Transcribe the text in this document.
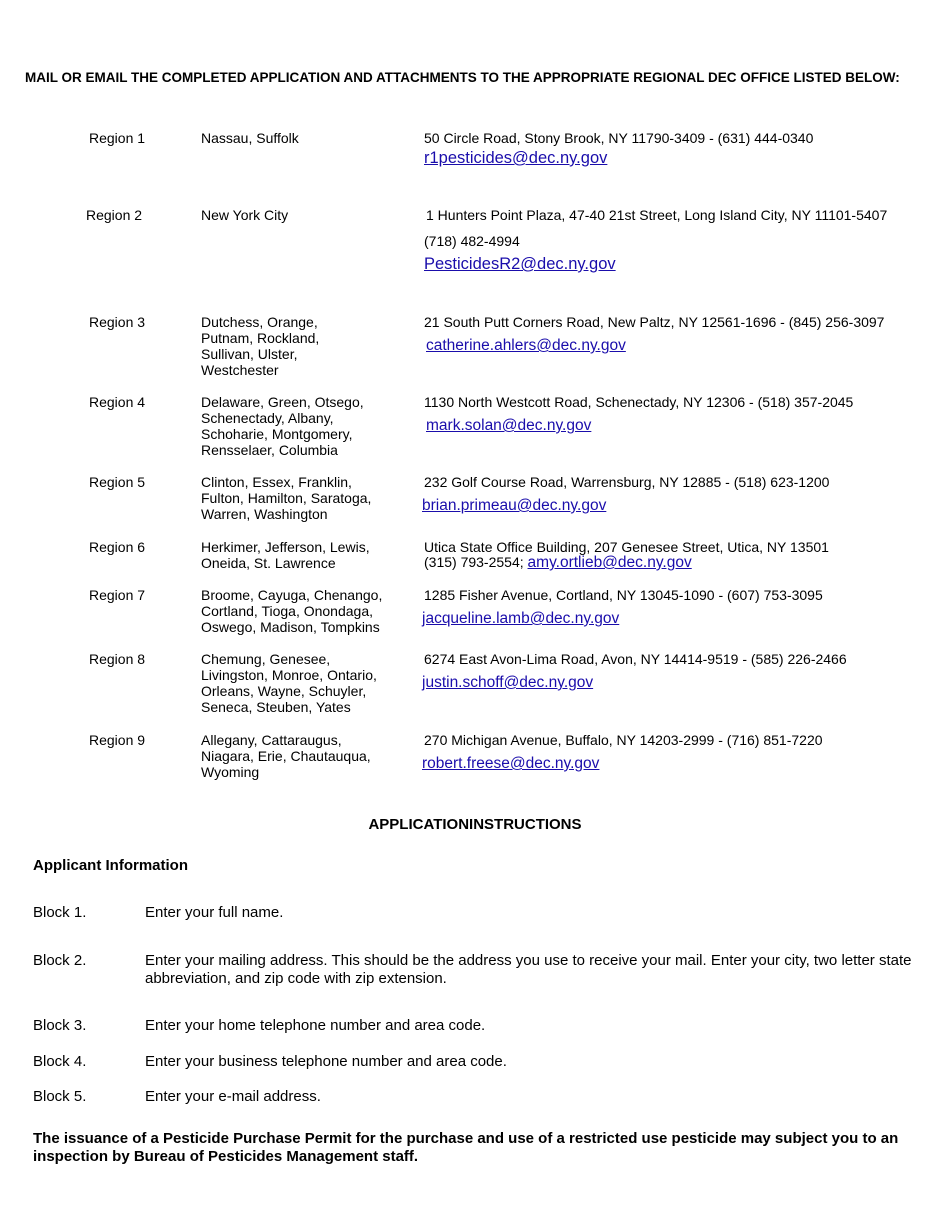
MAIL OR EMAIL THE COMPLETED APPLICATION AND ATTACHMENTS TO THE APPROPRIATE REGIONAL DEC OFFICE LISTED BELOW:
Region 1	Nassau, Suffolk	50 Circle Road, Stony Brook, NY 11790-3409 - (631) 444-0340
r1pesticides@dec.ny.gov
Region 2	New York City	1 Hunters Point Plaza, 47-40 21st Street, Long Island City, NY 11101-5407
(718) 482-4994
PesticidesR2@dec.ny.gov
Region 3	Dutchess, Orange, Putnam, Rockland, Sullivan, Ulster, Westchester
21 South Putt Corners Road, New Paltz, NY 12561-1696 - (845) 256-3097
catherine.ahlers@dec.ny.gov
Region 4	Delaware, Green, Otsego, Schenectady, Albany, Schoharie, Montgomery, Rensselaer, Columbia
1130 North Westcott Road, Schenectady, NY 12306 - (518) 357-2045
mark.solan@dec.ny.gov
Region 5	Clinton, Essex, Franklin, Fulton, Hamilton, Saratoga, Warren, Washington
232 Golf Course Road, Warrensburg, NY 12885 - (518) 623-1200
brian.primeau@dec.ny.gov
Region 6	Herkimer, Jefferson, Lewis, Oneida, St. Lawrence
Utica State Office Building, 207 Genesee Street, Utica, NY 13501
(315) 793-2554; amy.ortlieb@dec.ny.gov
Region 7	Broome, Cayuga, Chenango, Cortland, Tioga, Onondaga, Oswego, Madison, Tompkins
1285 Fisher Avenue, Cortland, NY 13045-1090 - (607) 753-3095
jacqueline.lamb@dec.ny.gov
Region 8	Chemung, Genesee, Livingston, Monroe, Ontario, Orleans, Wayne, Schuyler, Seneca, Steuben, Yates
6274 East Avon-Lima Road, Avon, NY 14414-9519 - (585) 226-2466
justin.schoff@dec.ny.gov
Region 9	Allegany, Cattaraugus, Niagara, Erie, Chautauqua, Wyoming
270 Michigan Avenue, Buffalo, NY 14203-2999 - (716) 851-7220
robert.freese@dec.ny.gov
APPLICATIONINSTRUCTIONS
Applicant Information
Block 1.	Enter your full name.
Block 2.	Enter your mailing address. This should be the address you use to receive your mail. Enter your city, two letter state abbreviation, and zip code with zip extension.
Block 3.	Enter your home telephone number and area code.
Block 4.	Enter your business telephone number and area code.
Block 5.	Enter your e-mail address.
The issuance of a Pesticide Purchase Permit for the purchase and use of a restricted use pesticide may subject you to an inspection by Bureau of Pesticides Management staff.
